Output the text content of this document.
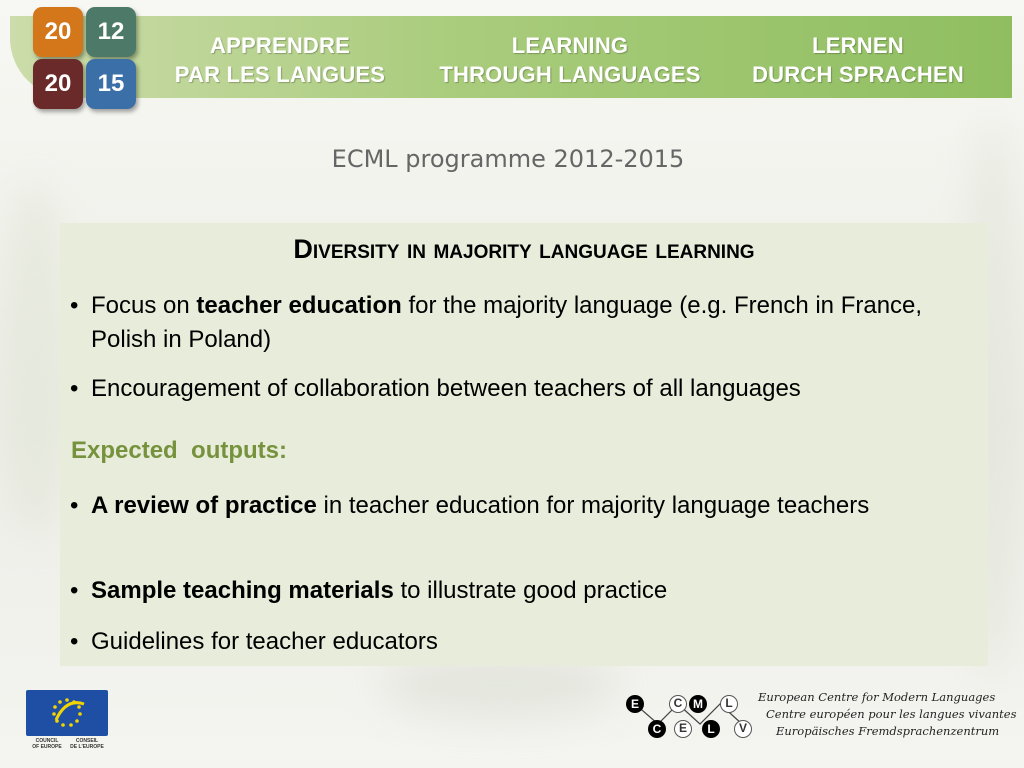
20	12
20	15
APPRENDRE
PAR LES LANGUES
LEARNING
THROUGH LANGUAGES
LERNEN
DURCH SPRACHEN
ECML programme 2012-2015
Diversity in majority language learning
• Focus on teacher education for the majority language (e.g. French in France, Polish in Poland)
• Encouragement of collaboration between teachers of all languages
Expected  outputs:
• A review of practice in teacher education for majority language teachers
• Sample teaching materials to illustrate good practice
• Guidelines for teacher educators
COUNCIL
OF EUROPE
CONSEIL
DE L'EUROPE
E	C M	L
C	E	L	V
European Centre for Modern Languages
Centre européen pour les langues vivantes
Europäisches Fremdsprachenzentrum
